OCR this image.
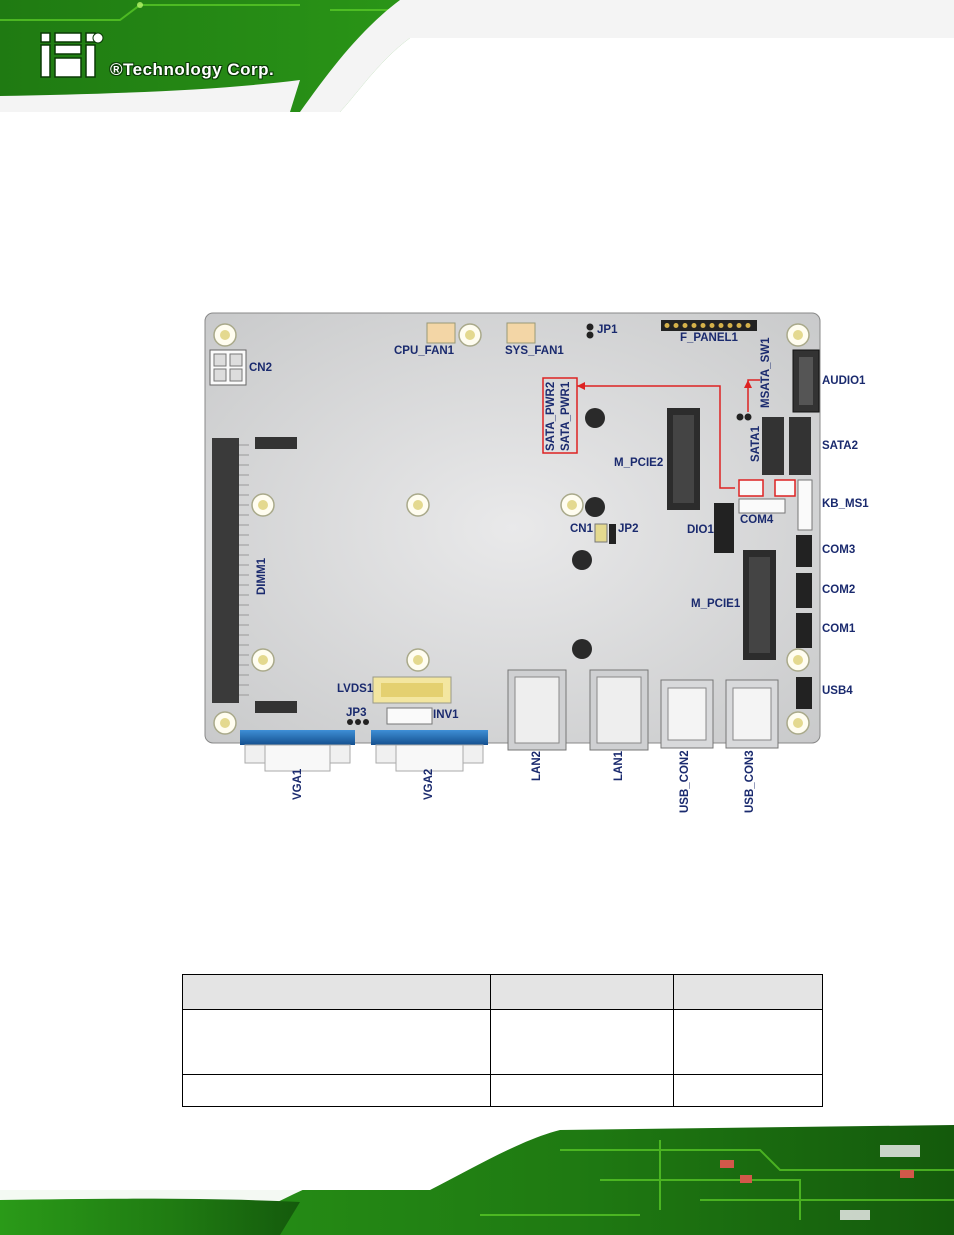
®Technology Corp.
CN2
CPU_FAN1	SYS_FAN1
JP1
F_PANEL1 MSATA_SW1	AUDIO1
SATA_PWR2 SATA_PWR1	SATA1	SATA2
M_PCIE2
KB_MS1
COM4
CN1 JP2	DIO1
COM3
COM2
COM1
DIMM1
M_PCIE1
LVDS1	USB4
JP3	INV1
VGA1	VGA2
LAN2	LAN1	USB_CON2	USB_CON3
